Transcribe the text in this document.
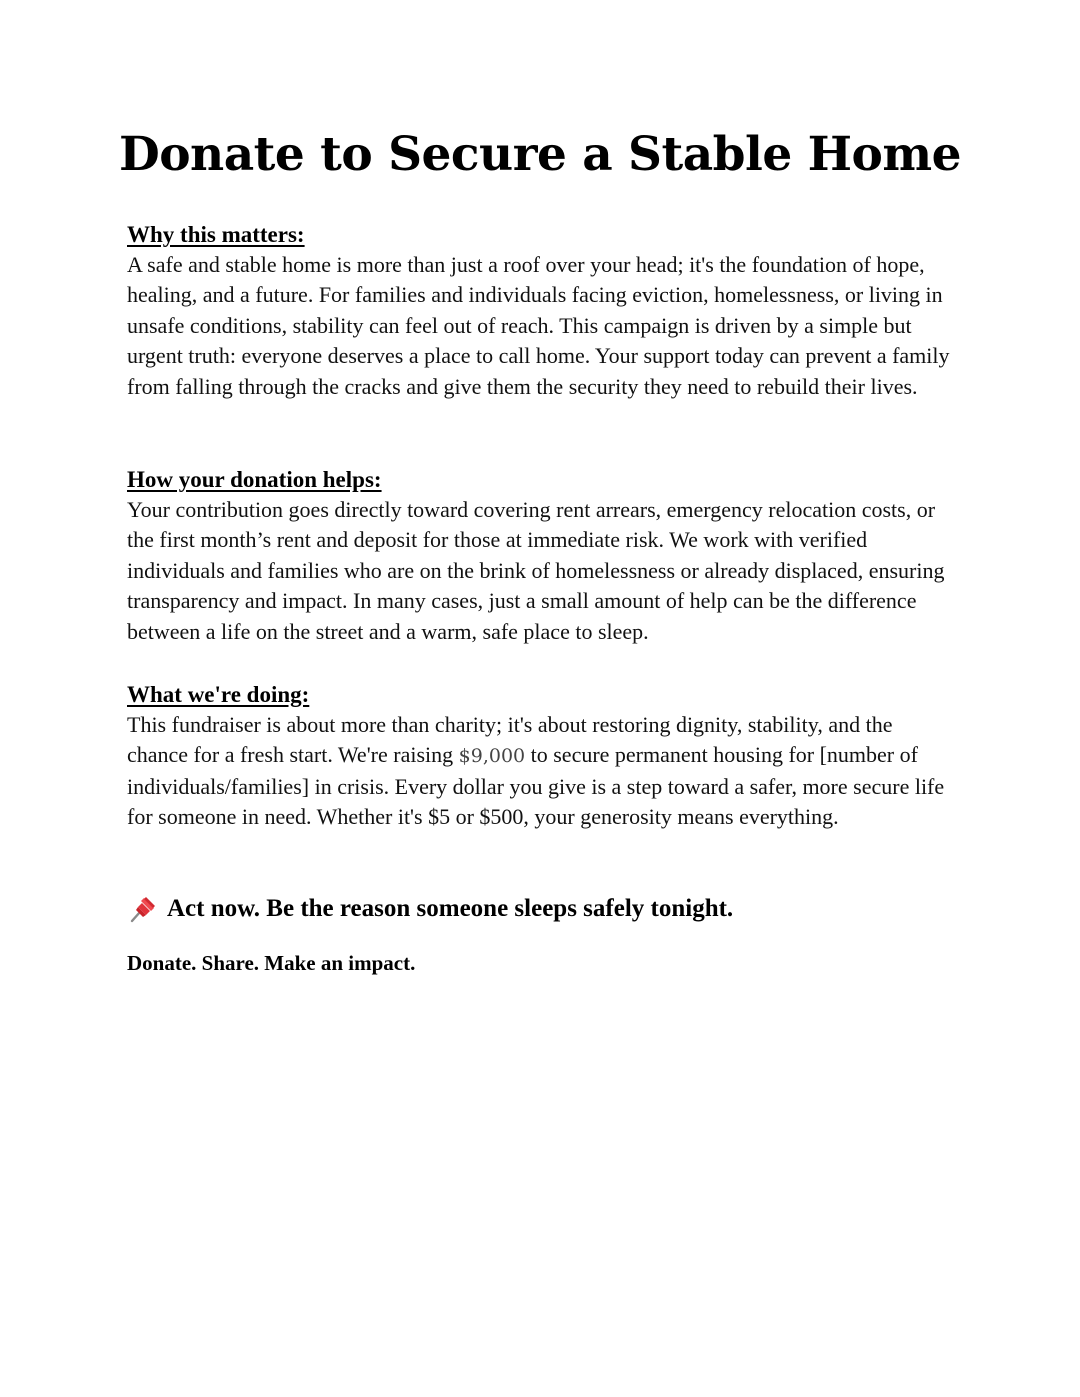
Donate to Secure a Stable Home

Why this matters:

A safe and stable home is more than just a roof over your head; it's the foundation of hope, healing, and a future. For families and individuals facing eviction, homelessness, or living in unsafe conditions, stability can feel out of reach. This campaign is driven by a simple but urgent truth: everyone deserves a place to call home. Your support today can prevent a family from falling through the cracks and give them the security they need to rebuild their lives.

How your donation helps:

Your contribution goes directly toward covering rent arrears, emergency relocation costs, or the first month’s rent and deposit for those at immediate risk. We work with verified individuals and families who are on the brink of homelessness or already displaced, ensuring transparency and impact. In many cases, just a small amount of help can be the difference between a life on the street and a warm, safe place to sleep.

What we're doing:

This fundraiser is about more than charity; it's about restoring dignity, stability, and the chance for a fresh start. We're raising $9,000 to secure permanent housing for [number of individuals/families] in crisis. Every dollar you give is a step toward a safer, more secure life for someone in need. Whether it's $5 or $500, your generosity means everything.

Act now. Be the reason someone sleeps safely tonight.
Donate. Share. Make an impact.
